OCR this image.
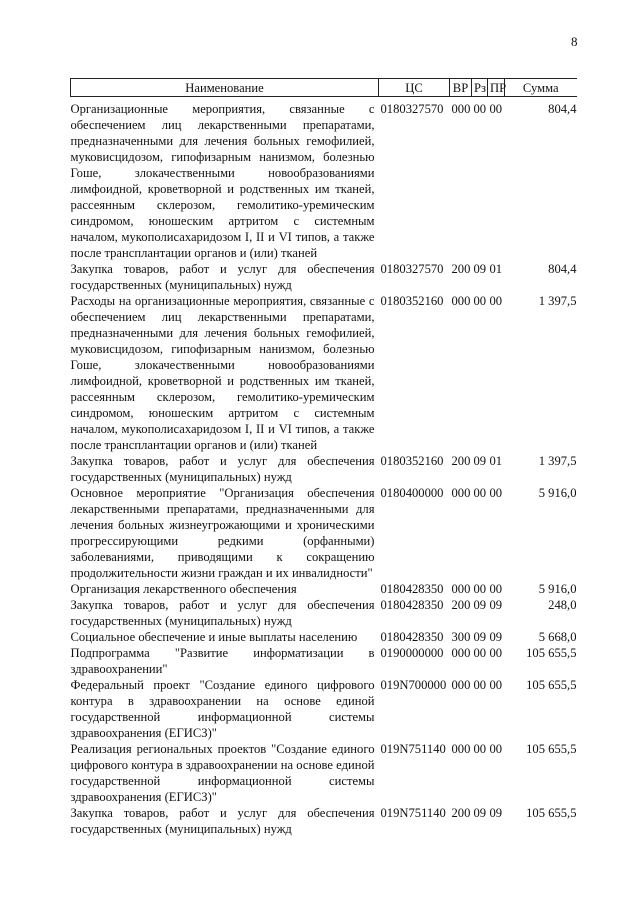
8
Наименование	ЦС	ВР	Рз	ПР	Сумма
Организационные мероприятия, связанные с обеспечением лиц лекарственными препаратами, предназначенными для лечения больных гемофилией, муковисцидозом, гипофизарным нанизмом, болезнью Гоше, злокачественными новообразованиями лимфоидной, кроветворной и родственных им тканей, рассеянным склерозом, гемолитико-уремическим синдромом, юношеским артритом с системным началом, мукополисахаридозом I, II и VI типов, а также после трансплантации органов и (или) тканей	0180327570	000	00	00	804,4
Закупка товаров, работ и услуг для обеспечения государственных (муниципальных) нужд	0180327570	200	09	01	804,4
Расходы на организационные мероприятия, связанные с обеспечением лиц лекарственными препаратами, предназначенными для лечения больных гемофилией, муковисцидозом, гипофизарным нанизмом, болезнью Гоше, злокачественными новообразованиями лимфоидной, кроветворной и родственных им тканей, рассеянным склерозом, гемолитико-уремическим синдромом, юношеским артритом с системным началом, мукополисахаридозом I, II и VI типов, а также после трансплантации органов и (или) тканей	0180352160	000	00	00	1 397,5
Закупка товаров, работ и услуг для обеспечения государственных (муниципальных) нужд	0180352160	200	09	01	1 397,5
Основное мероприятие "Организация обеспечения лекарственными препаратами, предназначенными для лечения больных жизнеугрожающими и хроническими прогрессирующими редкими (орфанными) заболеваниями, приводящими к сокращению продолжительности жизни граждан и их инвалидности"	0180400000	000	00	00	5 916,0
Организация лекарственного обеспечения	0180428350	000	00	00	5 916,0
Закупка товаров, работ и услуг для обеспечения государственных (муниципальных) нужд	0180428350	200	09	09	248,0
Социальное обеспечение и иные выплаты населению	0180428350	300	09	09	5 668,0
Подпрограмма "Развитие информатизации в здравоохранении"	0190000000	000	00	00	105 655,5
Федеральный проект "Создание единого цифрового контура в здравоохранении на основе единой государственной информационной системы здравоохранения (ЕГИСЗ)"	019N700000	000	00	00	105 655,5
Реализация региональных проектов "Создание единого цифрового контура в здравоохранении на основе единой государственной информационной системы здравоохранения (ЕГИСЗ)"	019N751140	000	00	00	105 655,5
Закупка товаров, работ и услуг для обеспечения государственных (муниципальных) нужд	019N751140	200	09	09	105 655,5
